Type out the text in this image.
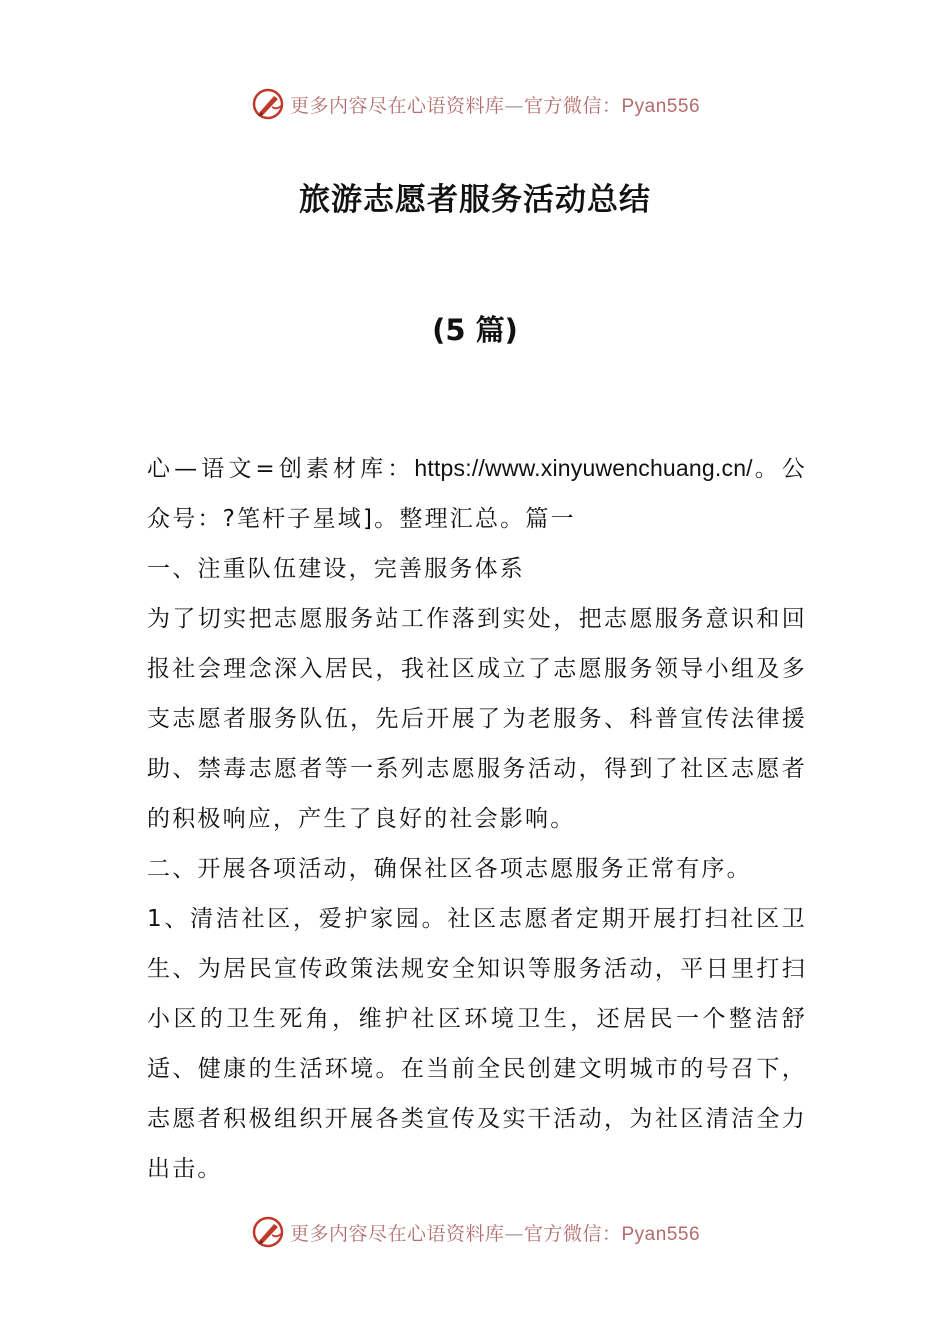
更多内容尽在心语资料库—官方微信：Pyan556
旅游志愿者服务活动总结
(5 篇)

心—语文=创素材库：https://www.xinyuwenchuang.cn/。公众号：?笔杆子星域]。整理汇总。篇一

一、注重队伍建设，完善服务体系

为了切实把志愿服务站工作落到实处，把志愿服务意识和回报社会理念深入居民，我社区成立了志愿服务领导小组及多支志愿者服务队伍，先后开展了为老服务、科普宣传法律援助、禁毒志愿者等一系列志愿服务活动，得到了社区志愿者的积极响应，产生了良好的社会影响。

二、开展各项活动，确保社区各项志愿服务正常有序。

1、清洁社区，爱护家园。社区志愿者定期开展打扫社区卫生、为居民宣传政策法规安全知识等服务活动，平日里打扫小区的卫生死角，维护社区环境卫生，还居民一个整洁舒适、健康的生活环境。在当前全民创建文明城市的号召下，志愿者积极组织开展各类宣传及实干活动，为社区清洁全力出击。

更多内容尽在心语资料库—官方微信：Pyan556
